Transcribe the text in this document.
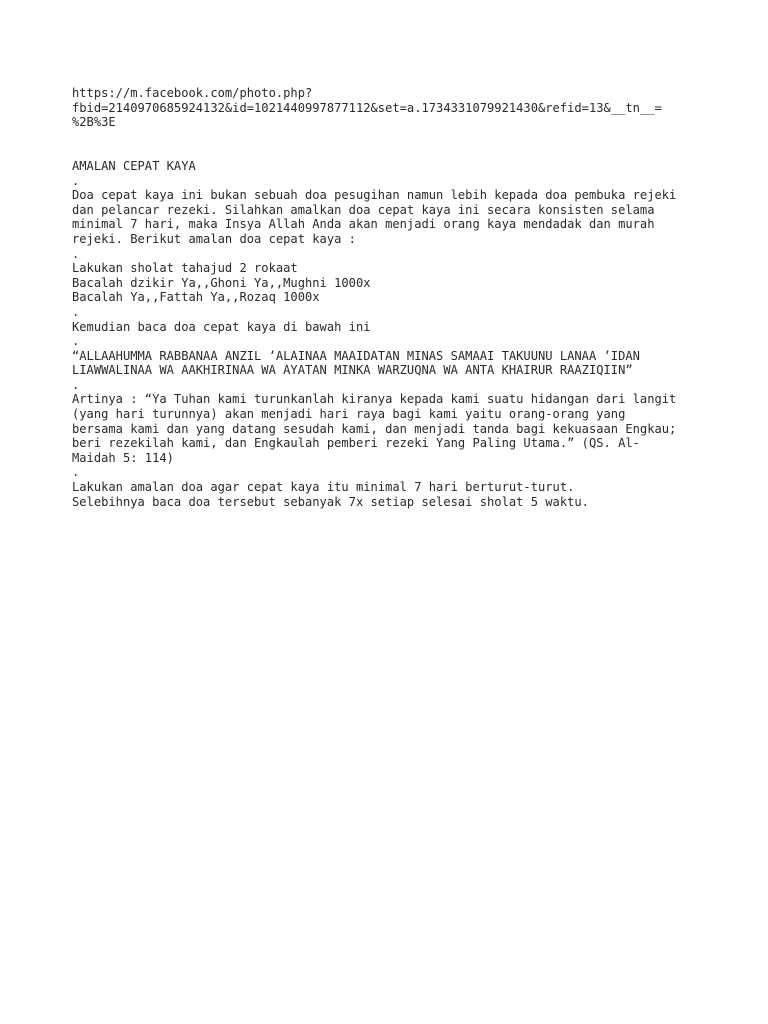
https://m.facebook.com/photo.php?
fbid=2140970685924132&id=1021440997877112&set=a.1734331079921430&refid=13&__tn__=
%2B%3E
AMALAN CEPAT KAYA
.
Doa cepat kaya ini bukan sebuah doa pesugihan namun lebih kepada doa pembuka rejeki
dan pelancar rezeki. Silahkan amalkan doa cepat kaya ini secara konsisten selama
minimal 7 hari, maka Insya Allah Anda akan menjadi orang kaya mendadak dan murah
rejeki. Berikut amalan doa cepat kaya :
.
Lakukan sholat tahajud 2 rokaat
Bacalah dzikir Ya,,Ghoni Ya,,Mughni 1000x
Bacalah Ya,,Fattah Ya,,Rozaq 1000x
.
Kemudian baca doa cepat kaya di bawah ini
.
“ALLAAHUMMA RABBANAA ANZIL ’ALAINAA MAAIDATAN MINAS SAMAAI TAKUUNU LANAA ’IDAN
LIAWWALINAA WA AAKHIRINAA WA AYATAN MINKA WARZUQNA WA ANTA KHAIRUR RAAZIQIIN”
.
Artinya : “Ya Tuhan kami turunkanlah kiranya kepada kami suatu hidangan dari langit
(yang hari turunnya) akan menjadi hari raya bagi kami yaitu orang-orang yang
bersama kami dan yang datang sesudah kami, dan menjadi tanda bagi kekuasaan Engkau;
beri rezekilah kami, dan Engkaulah pemberi rezeki Yang Paling Utama.” (QS. Al-
Maidah 5: 114)
.
Lakukan amalan doa agar cepat kaya itu minimal 7 hari berturut-turut.
Selebihnya baca doa tersebut sebanyak 7x setiap selesai sholat 5 waktu.
